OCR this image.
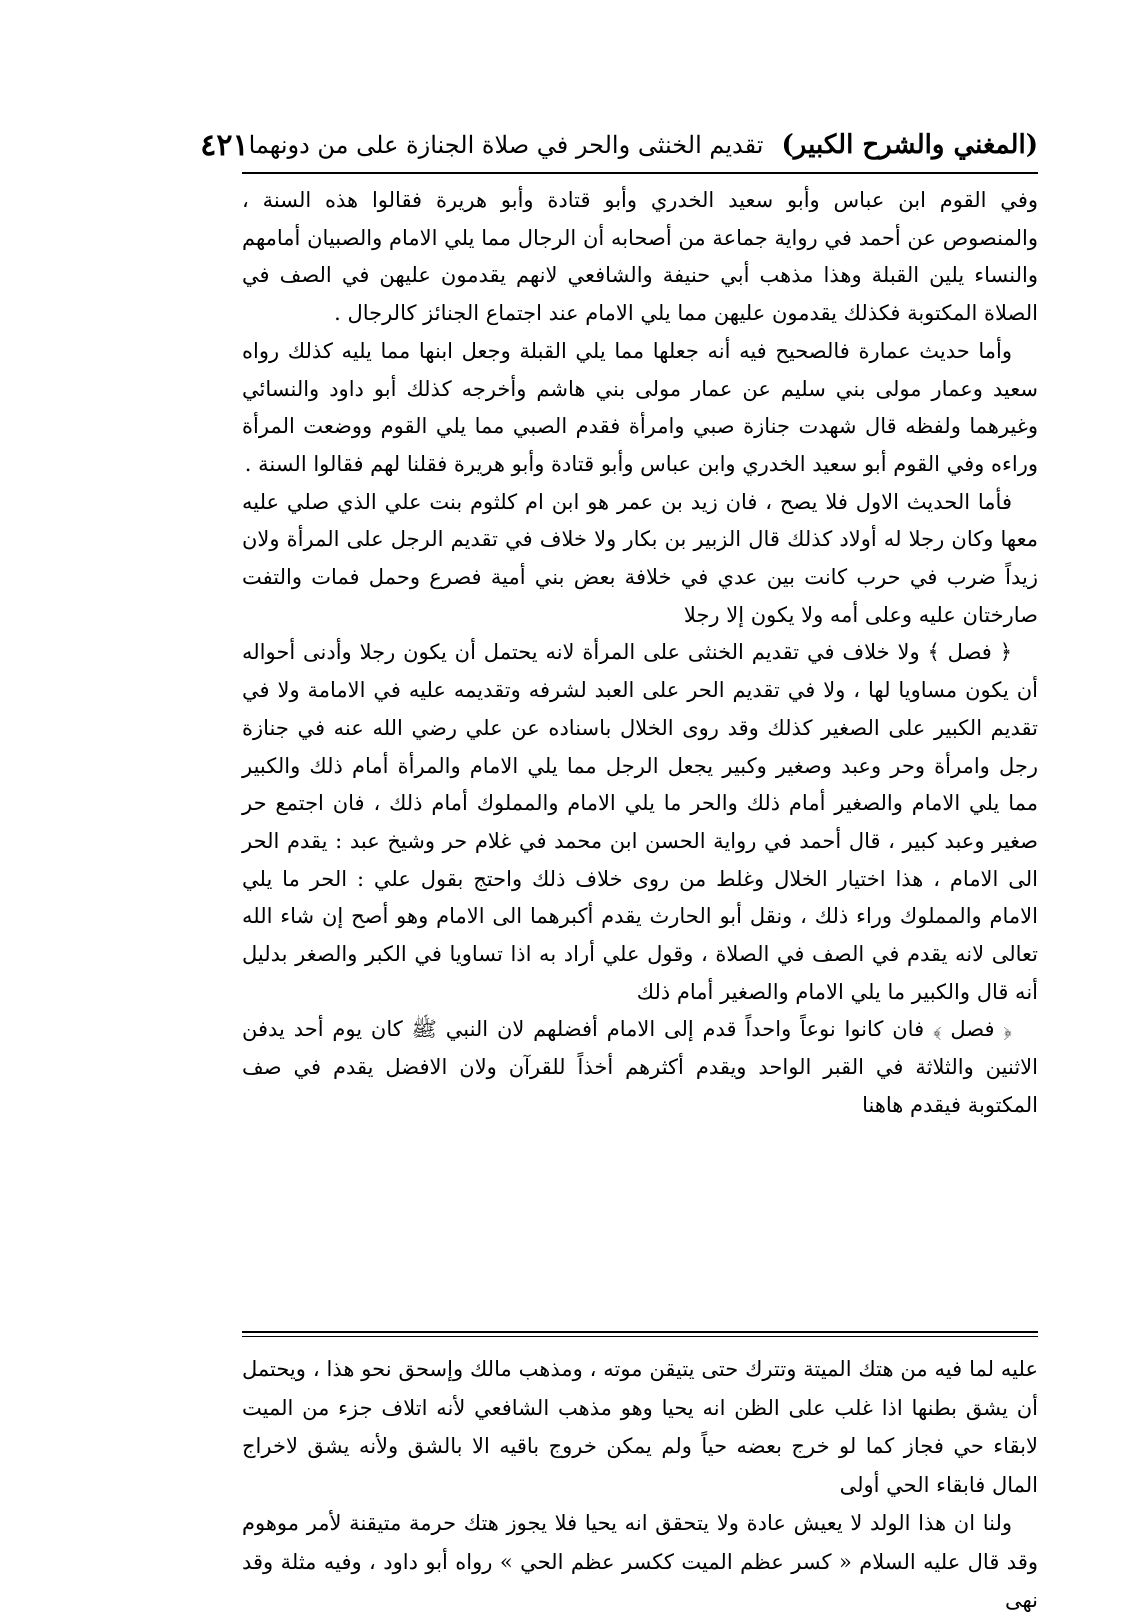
(المغني والشرح الكبير)
تقديم الخنثى والحر في صلاة الجنازة على من دونهما
٤٢١

وفي القوم ابن عباس وأبو سعيد الخدري وأبو قتادة وأبو هريرة فقالوا هذه السنة ، والمنصوص عن أحمد في رواية جماعة من أصحابه أن الرجال مما يلي الامام والصبيان أمامهم والنساء يلين القبلة وهذا مذهب أبي حنيفة والشافعي لانهم يقدمون عليهن في الصف في الصلاة المكتوبة فكذلك يقدمون عليهن مما يلي الامام عند اجتماع الجنائز كالرجال .

وأما حديث عمارة فالصحيح فيه أنه جعلها مما يلي القبلة وجعل ابنها مما يليه كذلك رواه سعيد وعمار مولى بني سليم عن عمار مولى بني هاشم وأخرجه كذلك أبو داود والنسائي وغيرهما ولفظه قال شهدت جنازة صبي وامرأة فقدم الصبي مما يلي القوم ووضعت المرأة وراءه وفي القوم أبو سعيد الخدري وابن عباس وأبو قتادة وأبو هريرة فقلنا لهم فقالوا السنة .

فأما الحديث الاول فلا يصح ، فان زيد بن عمر هو ابن ام كلثوم بنت علي الذي صلي عليه معها وكان رجلا له أولاد كذلك قال الزبير بن بكار ولا خلاف في تقديم الرجل على المرأة ولان زيداً ضرب في حرب كانت بين عدي في خلافة بعض بني أمية فصرع وحمل فمات والتفت صارختان عليه وعلى أمه ولا يكون إلا رجلا

﴿ فصل ﴾ ولا خلاف في تقديم الخنثى على المرأة لانه يحتمل أن يكون رجلا وأدنى أحواله أن يكون مساويا لها ، ولا في تقديم الحر على العبد لشرفه وتقديمه عليه في الامامة ولا في تقديم الكبير على الصغير كذلك وقد روى الخلال باسناده عن علي رضي الله عنه في جنازة رجل وامرأة وحر وعبد وصغير وكبير يجعل الرجل مما يلي الامام والمرأة أمام ذلك والكبير مما يلي الامام والصغير أمام ذلك والحر ما يلي الامام والمملوك أمام ذلك ، فان اجتمع حر صغير وعبد كبير ، قال أحمد في رواية الحسن ابن محمد في غلام حر وشيخ عبد : يقدم الحر الى الامام ، هذا اختيار الخلال وغلط من روى خلاف ذلك واحتج بقول علي : الحر ما يلي الامام والمملوك وراء ذلك ، ونقل أبو الحارث يقدم أكبرهما الى الامام وهو أصح إن شاء الله تعالى لانه يقدم في الصف في الصلاة ، وقول علي أراد به اذا تساويا في الكبر والصغر بدليل أنه قال والكبير ما يلي الامام والصغير أمام ذلك

﴿ فصل ﴾ فان كانوا نوعاً واحداً قدم إلى الامام أفضلهم لان النبي ﷺ كان يوم أحد يدفن الاثنين والثلاثة في القبر الواحد ويقدم أكثرهم أخذاً للقرآن ولان الافضل يقدم في صف المكتوبة فيقدم هاهنا

عليه لما فيه من هتك الميتة وتترك حتى يتيقن موته ، ومذهب مالك وإسحق نحو هذا ، ويحتمل أن يشق بطنها اذا غلب على الظن انه يحيا وهو مذهب الشافعي لأنه اتلاف جزء من الميت لابقاء حي فجاز كما لو خرج بعضه حياً ولم يمكن خروج باقيه الا بالشق ولأنه يشق لاخراج المال فابقاء الحي أولى

ولنا ان هذا الولد لا يعيش عادة ولا يتحقق انه يحيا فلا يجوز هتك حرمة متيقنة لأمر موهوم وقد قال عليه السلام « كسر عظم الميت ككسر عظم الحي » رواه أبو داود ، وفيه مثلة وقد نهى
